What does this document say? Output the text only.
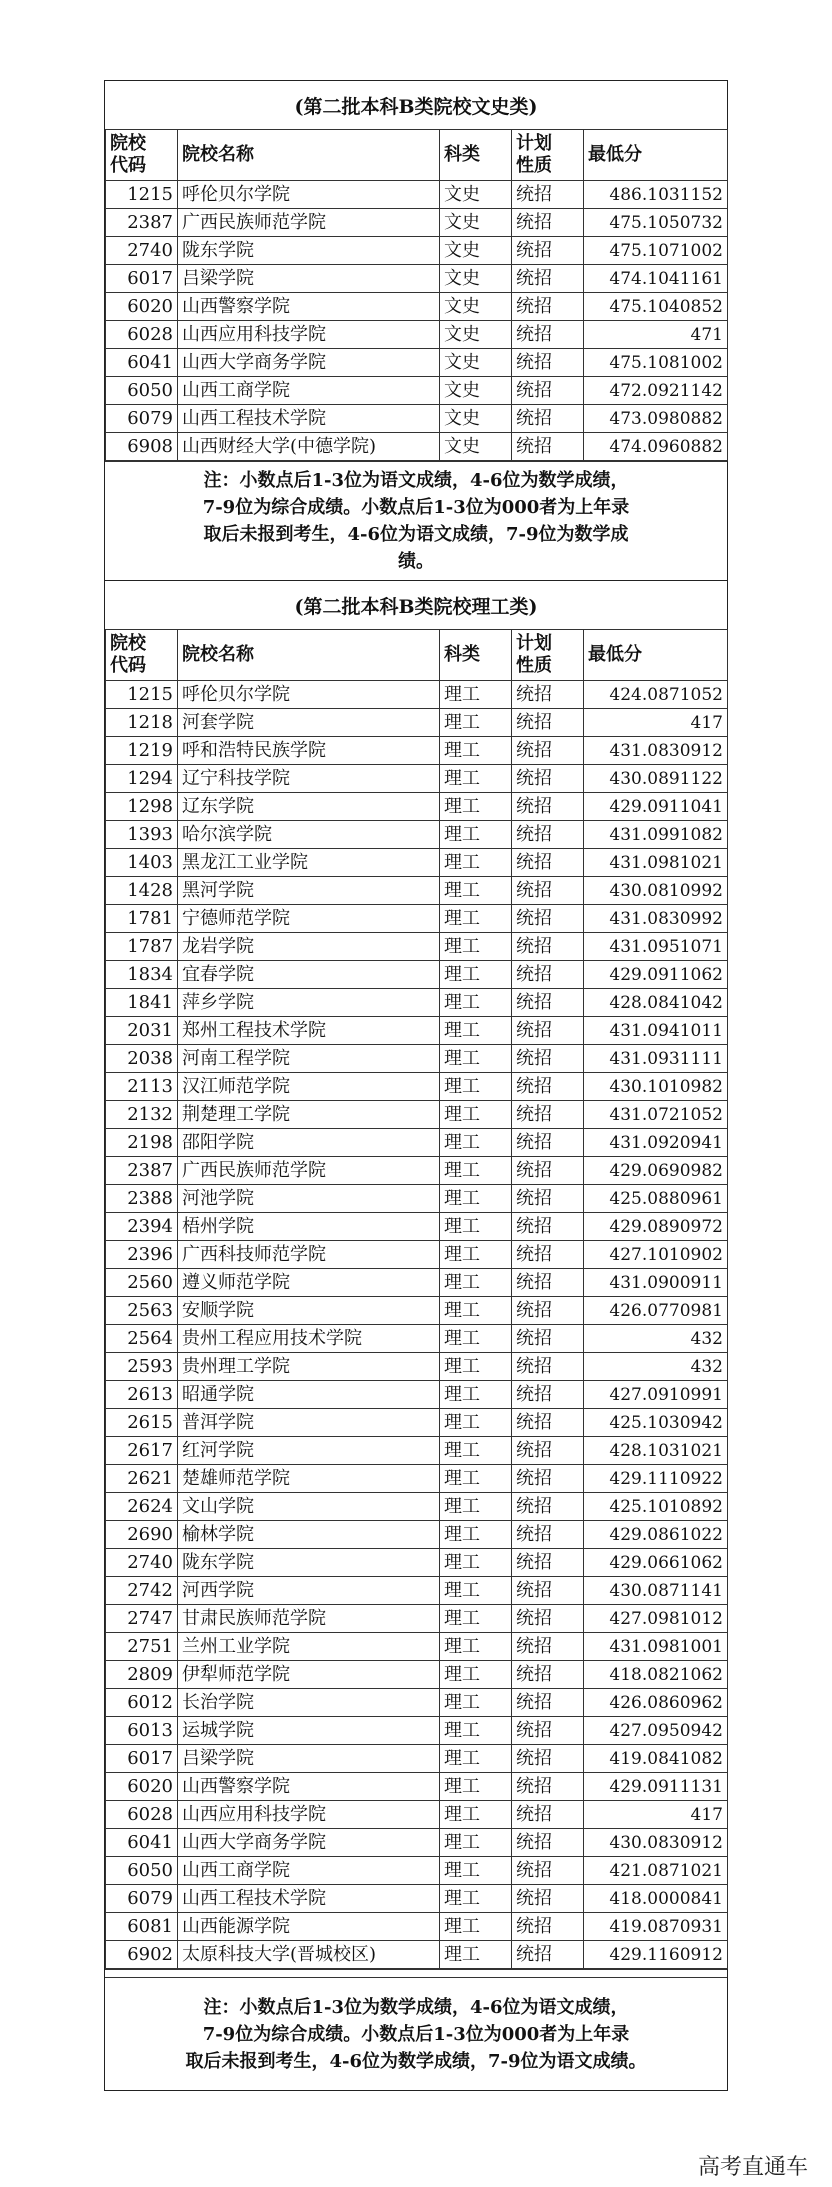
(第二批本科B类院校文史类)
院校
代码	院校名称	科类	计划
性质	最低分
1215	呼伦贝尔学院	文史	统招	486.1031152
2387	广西民族师范学院	文史	统招	475.1050732
2740	陇东学院	文史	统招	475.1071002
6017	吕梁学院	文史	统招	474.1041161
6020	山西警察学院	文史	统招	475.1040852
6028	山西应用科技学院	文史	统招	471
6041	山西大学商务学院	文史	统招	475.1081002
6050	山西工商学院	文史	统招	472.0921142
6079	山西工程技术学院	文史	统招	473.0980882
6908	山西财经大学(中德学院)	文史	统招	474.0960882
注：小数点后1-3位为语文成绩，4-6位为数学成绩，
7-9位为综合成绩。小数点后1-3位为000者为上年录
取后未报到考生，4-6位为语文成绩，7-9位为数学成
绩。
(第二批本科B类院校理工类)
院校
代码	院校名称	科类	计划
性质	最低分
1215	呼伦贝尔学院	理工	统招	424.0871052
1218	河套学院	理工	统招	417
1219	呼和浩特民族学院	理工	统招	431.0830912
1294	辽宁科技学院	理工	统招	430.0891122
1298	辽东学院	理工	统招	429.0911041
1393	哈尔滨学院	理工	统招	431.0991082
1403	黑龙江工业学院	理工	统招	431.0981021
1428	黑河学院	理工	统招	430.0810992
1781	宁德师范学院	理工	统招	431.0830992
1787	龙岩学院	理工	统招	431.0951071
1834	宜春学院	理工	统招	429.0911062
1841	萍乡学院	理工	统招	428.0841042
2031	郑州工程技术学院	理工	统招	431.0941011
2038	河南工程学院	理工	统招	431.0931111
2113	汉江师范学院	理工	统招	430.1010982
2132	荆楚理工学院	理工	统招	431.0721052
2198	邵阳学院	理工	统招	431.0920941
2387	广西民族师范学院	理工	统招	429.0690982
2388	河池学院	理工	统招	425.0880961
2394	梧州学院	理工	统招	429.0890972
2396	广西科技师范学院	理工	统招	427.1010902
2560	遵义师范学院	理工	统招	431.0900911
2563	安顺学院	理工	统招	426.0770981
2564	贵州工程应用技术学院	理工	统招	432
2593	贵州理工学院	理工	统招	432
2613	昭通学院	理工	统招	427.0910991
2615	普洱学院	理工	统招	425.1030942
2617	红河学院	理工	统招	428.1031021
2621	楚雄师范学院	理工	统招	429.1110922
2624	文山学院	理工	统招	425.1010892
2690	榆林学院	理工	统招	429.0861022
2740	陇东学院	理工	统招	429.0661062
2742	河西学院	理工	统招	430.0871141
2747	甘肃民族师范学院	理工	统招	427.0981012
2751	兰州工业学院	理工	统招	431.0981001
2809	伊犁师范学院	理工	统招	418.0821062
6012	长治学院	理工	统招	426.0860962
6013	运城学院	理工	统招	427.0950942
6017	吕梁学院	理工	统招	419.0841082
6020	山西警察学院	理工	统招	429.0911131
6028	山西应用科技学院	理工	统招	417
6041	山西大学商务学院	理工	统招	430.0830912
6050	山西工商学院	理工	统招	421.0871021
6079	山西工程技术学院	理工	统招	418.0000841
6081	山西能源学院	理工	统招	419.0870931
6902	太原科技大学(晋城校区)	理工	统招	429.1160912
注：小数点后1-3位为数学成绩，4-6位为语文成绩，
7-9位为综合成绩。小数点后1-3位为000者为上年录
取后未报到考生，4-6位为数学成绩，7-9位为语文成绩。
高考直通车
